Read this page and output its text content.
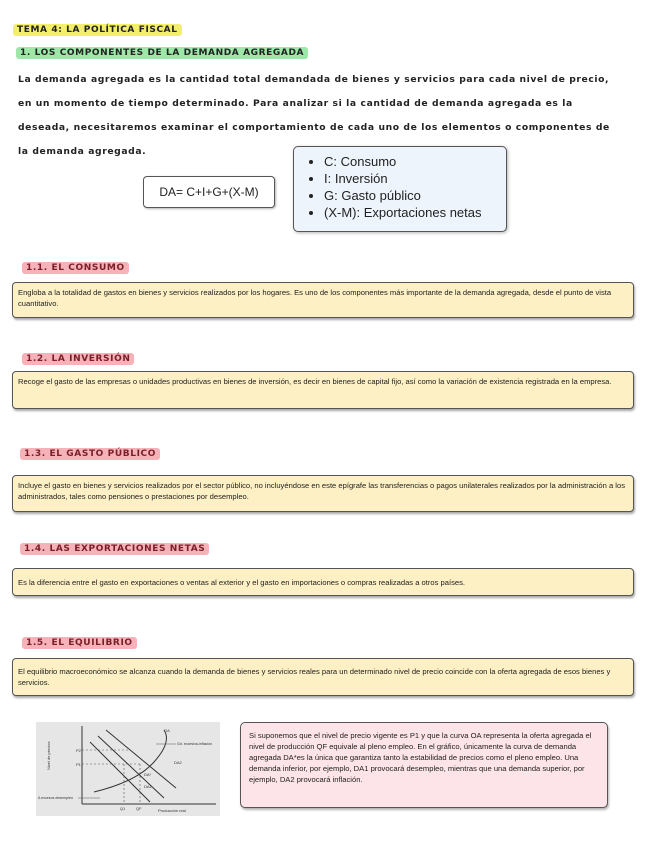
TEMA 4: LA POLÍTICA FISCAL
1. LOS COMPONENTES DE LA DEMANDA AGREGADA
La demanda agregada es la cantidad total demandada de bienes y servicios para cada nivel de precio, en un momento de tiempo determinado. Para analizar si la cantidad de demanda agregada es la deseada, necesitaremos examinar el comportamiento de cada uno de los elementos o componentes de la demanda agregada.
DA= C+I+G+(X-M)
• C: Consumo
• I: Inversión
• G: Gasto público
• (X-M): Exportaciones netas
1.1. EL CONSUMO
Engloba a la totalidad de gastos en bienes y servicios realizados por los hogares. Es uno de los componentes más importante de la demanda agregada, desde el punto de vista cuantitativo.
1.2. LA INVERSIÓN
Recoge el gasto de las empresas o unidades productivas en bienes de inversión, es decir en bienes de capital fijo, así como la variación de existencia registrada en la empresa.
1.3. EL GASTO PÚBLICO
Incluye el gasto en bienes y servicios realizados por el sector público, no incluyéndose en este epígrafe las transferencias o pagos unilaterales realizados por la administración a los administrados, tales como pensiones o prestaciones por desempleo.
1.4. LAS EXPORTACIONES NETAS
Es la diferencia entre el gasto en exportaciones o ventas al exterior y el gasto en importaciones o compras realizadas a otros países.
1.5. EL EQUILIBRIO
El equilibrio macroeconómico se alcanza cuando la demanda de bienes y servicios reales para un determinado nivel de precio coincide con la oferta agregada de esos bienes y servicios.
Nivel de precios
Producción real
OA
DA2
DA*
DA1
P2
P1
Q1	QF
Gd. excesiva-inflación
A excesos desempleo
Si suponemos que el nivel de precio vigente es P1 y que la curva OA representa la oferta agregada el nivel de producción QF equivale al pleno empleo. En el gráfico, únicamente la curva de demanda agregada DA*es la única que garantiza tanto la estabilidad de precios como el pleno empleo. Una demanda inferior, por ejemplo, DA1 provocará desempleo, mientras que una demanda superior, por ejemplo, DA2 provocará inflación.
